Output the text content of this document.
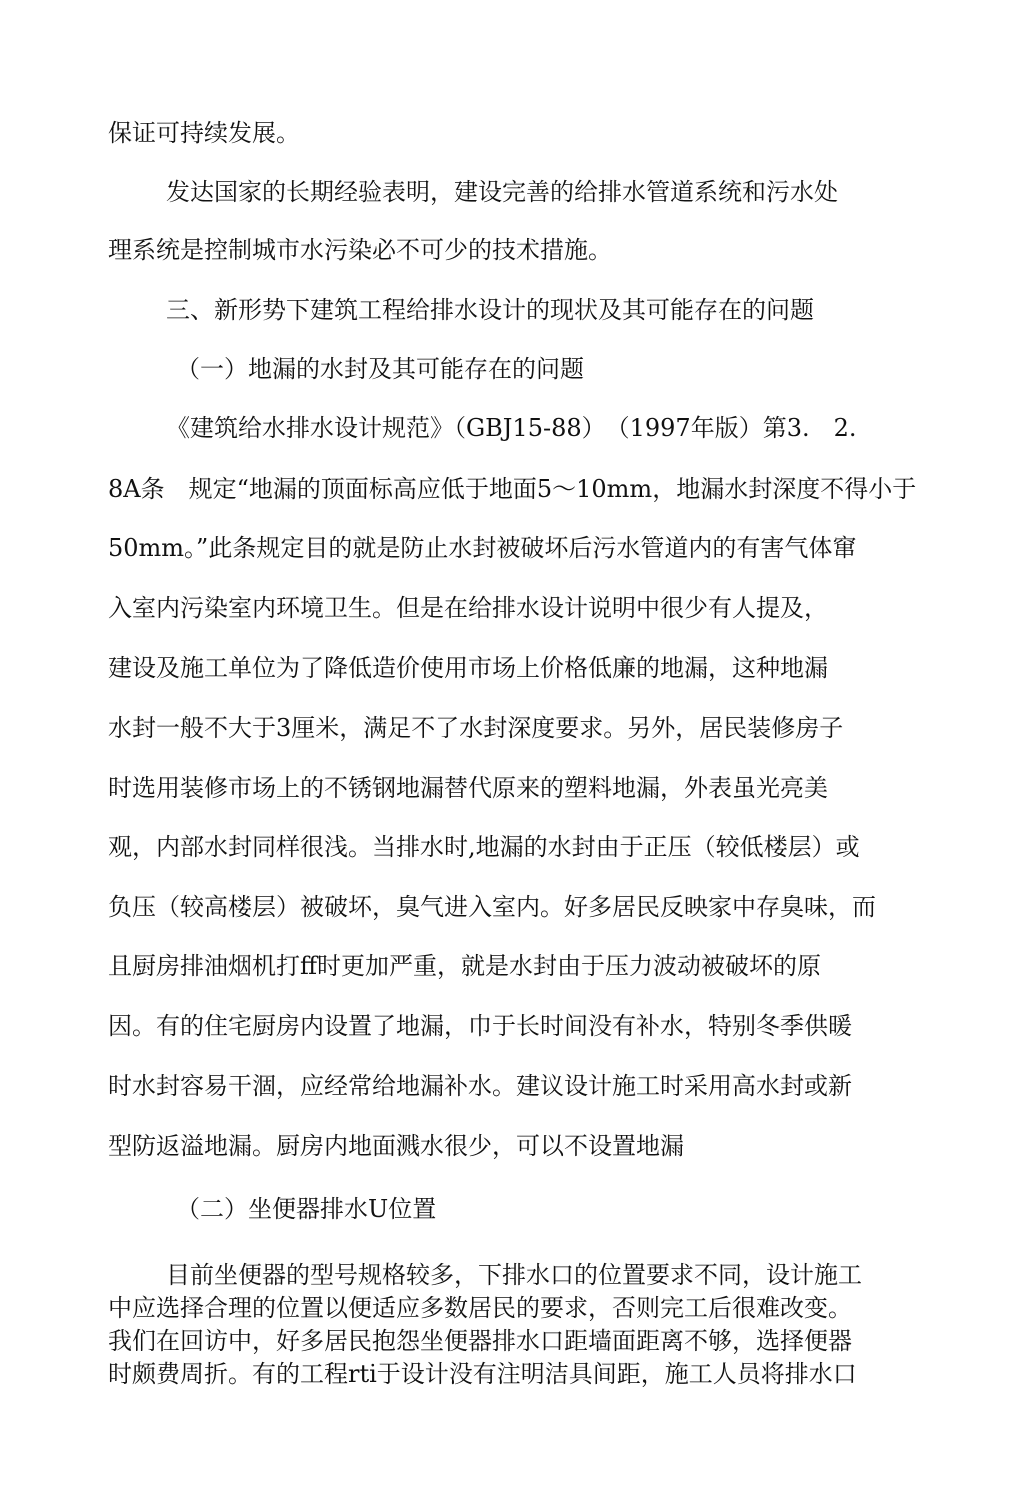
保证可持续发展。
发达国家的长期经验表明，建设完善的给排水管道系统和污水处
理系统是控制城市水污染必不可少的技术措施。
三、新形势下建筑工程给排水设计的现状及其可能存在的问题
（一）地漏的水封及其可能存在的问题
《建筑给水排水设计规范》（GBJ15-88）　（1997年版）第3.　2.
8A条　规定“地漏的顶面标高应低于地面5～10mm，地漏水封深度不得小于
50mm。”此条规定目的就是防止水封被破坏后污水管道内的有害气体窜
入室内污染室内环境卫生。但是在给排水设计说明中很少有人提及，
建设及施工单位为了降低造价使用市场上价格低廉的地漏，这种地漏
水封一般不大于3厘米，满足不了水封深度要求。另外，居民装修房子
时选用装修市场上的不锈钢地漏替代原来的塑料地漏，外表虽光亮美
观，内部水封同样很浅。当排水时,地漏的水封由于正压（较低楼层）或
负压（较高楼层）被破坏，臭气进入室内。好多居民反映家中存臭味，而
且厨房排油烟机打ff时更加严重，就是水封由于压力波动被破坏的原
因。有的住宅厨房内设置了地漏，巾于长时间没有补水，特别冬季供暖
时水封容易干涸，应经常给地漏补水。建议设计施工时采用高水封或新
型防返溢地漏。厨房内地面溅水很少，可以不设置地漏
（二）坐便器排水U位置
目前坐便器的型号规格较多，下排水口的位置要求不同，设计施工
中应选择合理的位置以便适应多数居民的要求，否则完工后很难改变。
我们在回访中，好多居民抱怨坐便器排水口距墙面距离不够，选择便器
时颇费周折。有的工程rti于设计没有注明洁具间距，施工人员将排水口
